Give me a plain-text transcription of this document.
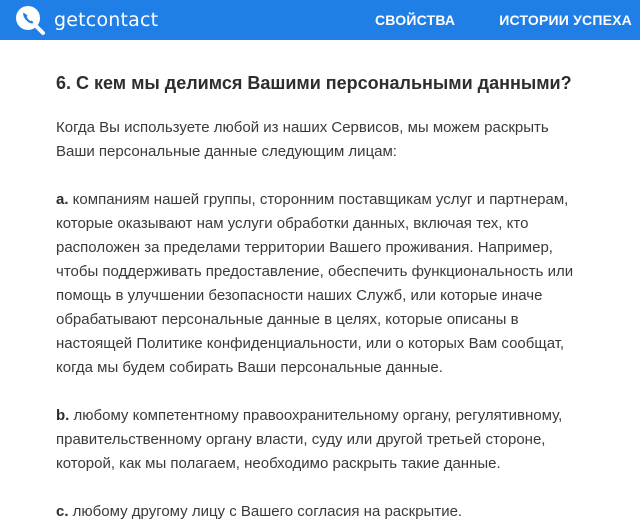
getcontact	СВОЙСТВА	ИСТОРИИ УСПЕХА
6. С кем мы делимся Вашими персональными данными?

Когда Вы используете любой из наших Сервисов, мы можем раскрыть Ваши персональные данные следующим лицам:

a. компаниям нашей группы, сторонним поставщикам услуг и партнерам, которые оказывают нам услуги обработки данных, включая тех, кто расположен за пределами территории Вашего проживания. Например, чтобы поддерживать предоставление, обеспечить функциональность или помощь в улучшении безопасности наших Служб, или которые иначе обрабатывают персональные данные в целях, которые описаны в настоящей Политике конфиденциальности, или о которых Вам сообщат, когда мы будем собирать Ваши персональные данные.

b. любому компетентному правоохранительному органу, регулятивному, правительственному органу власти, суду или другой третьей стороне, которой, как мы полагаем, необходимо раскрыть такие данные.

c. любому другому лицу с Вашего согласия на раскрытие.
